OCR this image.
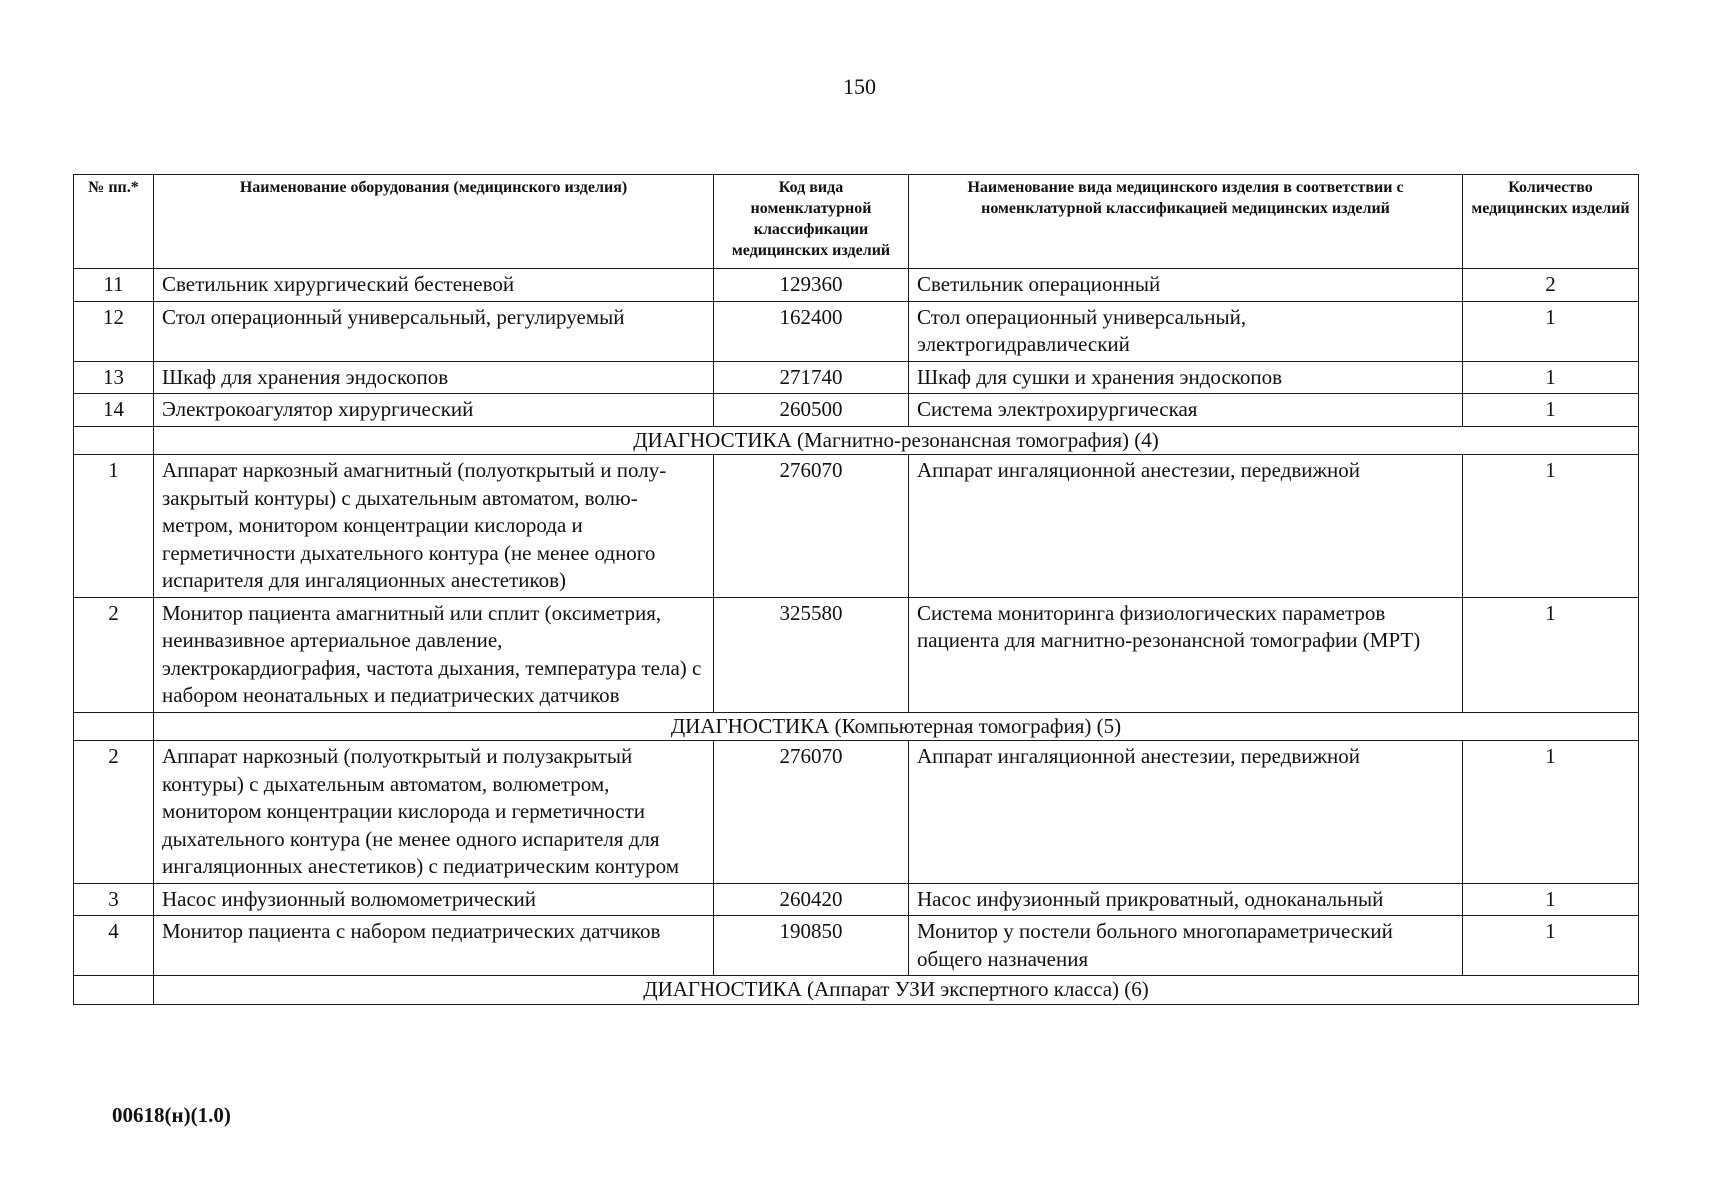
150
№ пп.*	Наименование оборудования (медицинского изделия)	Код вида номенклатурной классификации медицинских изделий	Наименование вида медицинского изделия в соответствии с номенклатурной классификацией медицинских изделий	Количество медицинских изделий
11	Светильник хирургический бестеневой	129360	Светильник операционный	2
12	Стол операционный универсальный, регулируемый	162400	Стол операционный универсальный, электрогидравлический	1
13	Шкаф для хранения эндоскопов	271740	Шкаф для сушки и хранения эндоскопов	1
14	Электрокоагулятор хирургический	260500	Система электрохирургическая	1
	ДИАГНОСТИКА (Магнитно-резонансная томография) (4)			
1	Аппарат наркозный амагнитный (полуоткрытый и полу-закрытый контуры) с дыхательным автоматом, волю-метром, монитором концентрации кислорода и герметичности дыхательного контура (не менее одного испарителя для ингаляционных анестетиков)	276070	Аппарат ингаляционной анестезии, передвижной	1
2	Монитор пациента амагнитный или сплит (оксиметрия, неинвазивное артериальное давление, электрокардиография, частота дыхания, температура тела) с набором неонатальных и педиатрических датчиков	325580	Система мониторинга физиологических параметров пациента для магнитно-резонансной томографии (МРТ)	1
	ДИАГНОСТИКА (Компьютерная томография) (5)			
2	Аппарат наркозный (полуоткрытый и полузакрытый контуры) с дыхательным автоматом, волюметром, монитором концентрации кислорода и герметичности дыхательного контура (не менее одного испарителя для ингаляционных анестетиков) с педиатрическим контуром	276070	Аппарат ингаляционной анестезии, передвижной	1
3	Насос инфузионный волюмометрический	260420	Насос инфузионный прикроватный, одноканальный	1
4	Монитор пациента с набором педиатрических датчиков	190850	Монитор у постели больного многопараметрический общего назначения	1
	ДИАГНОСТИКА (Аппарат УЗИ экспертного класса) (6)			
00618(н)(1.0)
